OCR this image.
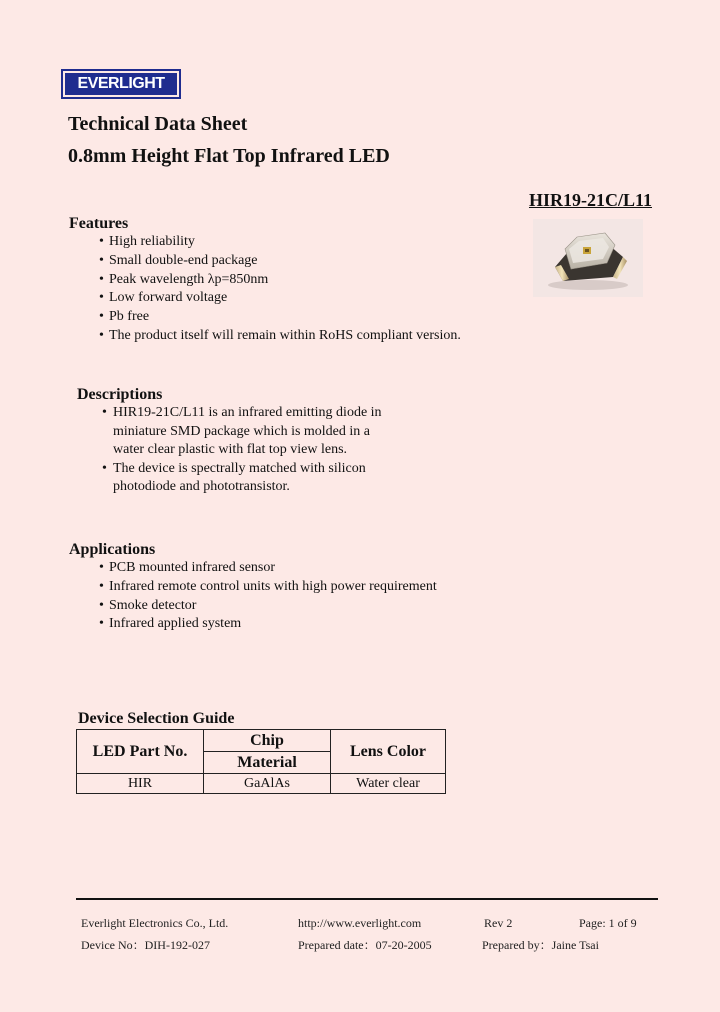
EVERLIGHT
Technical Data Sheet
0.8mm Height Flat Top Infrared LED
HIR19-21C/L11
Features
• High reliability
• Small double-end package
• Peak wavelength λp=850nm
• Low forward voltage
• Pb free
• The product itself will remain within RoHS compliant version.
Descriptions
• HIR19-21C/L11 is an infrared emitting diode in miniature SMD package which is molded in a water clear plastic with flat top view lens.
• The device is spectrally matched with silicon photodiode and phototransistor.
Applications
• PCB mounted infrared sensor
• Infrared remote control units with high power requirement
• Smoke detector
• Infrared applied system
Device Selection Guide
LED Part No.	Chip	Lens Color
	Material	
HIR	GaAlAs	Water clear
Everlight Electronics Co., Ltd.	http://www.everlight.com	Rev 2	Page: 1 of 9
Device No：DIH-192-027	Prepared date：07-20-2005	Prepared by：Jaine Tsai
